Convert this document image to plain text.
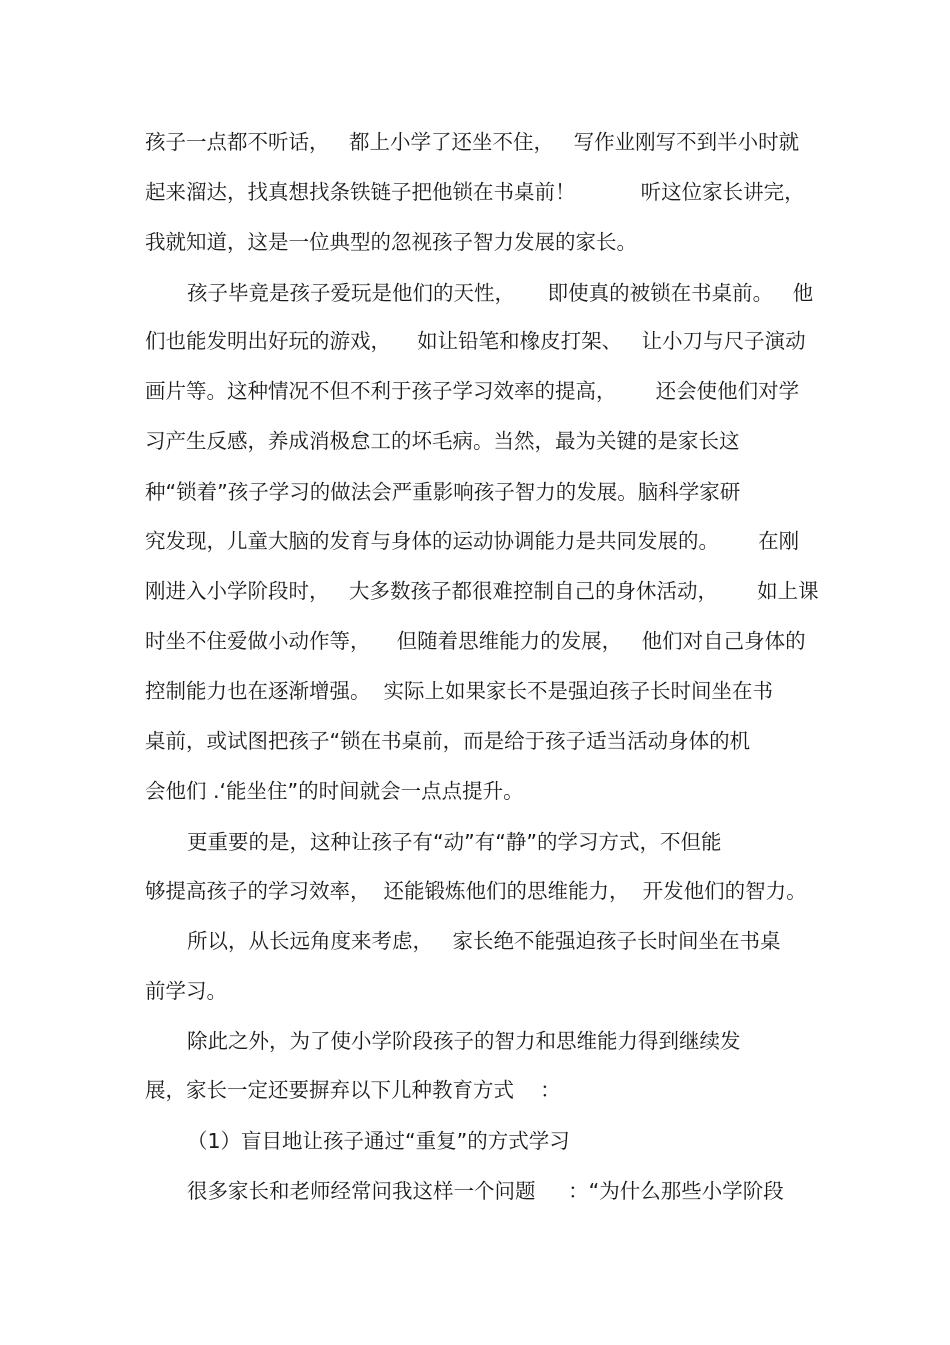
孩子一点都不听话，   都上小学了还坐不住，   写作业刚写不到半小时就
起来溜达，找真想找条铁链子把他锁在书桌前！          听这位家长讲完，
我就知道，这是一位典型的忽视孩子智力发展的家长。
孩子毕竟是孩子爱玩是他们的天性，     即使真的被锁在书桌前。   他
们也能发明出好玩的游戏，    如让铅笔和橡皮打架、   让小刀与尺子演动
画片等。这种情况不但不利于孩子学习效率的提高，      还会使他们对学
习产生反感，养成消极怠工的坏毛病。当然，最为关键的是家长这
种“锁着”孩子学习的做法会严重影响孩子智力的发展。脑科学家研
究发现，儿童大脑的发育与身体的运动协调能力是共同发展的。      在刚
刚进入小学阶段时，   大多数孩子都很难控制自己的身休活动，      如上课
时坐不住爱做小动作等，    但随着思维能力的发展，   他们对自己身体的
控制能力也在逐渐增强。  实际上如果家长不是强迫孩子长时间坐在书
桌前，或试图把孩子“锁在书桌前，而是给于孩子适当活动身体的机
会他们 .‘能坐住”的时间就会一点点提升。
更重要的是，这种让孩子有“动”有“静”的学习方式，不但能
够提高孩子的学习效率，  还能锻炼他们的思维能力，  开发他们的智力。
所以，从长远角度来考虑，   家长绝不能强迫孩子长时间坐在书桌
前学习。
除此之外，为了使小学阶段孩子的智力和思维能力得到继续发
展，家长一定还要摒弃以下儿种教育方式    ：
（1）盲目地让孩子通过“重复”的方式学习
很多家长和老师经常问我这样一个问题     ：“为什么那些小学阶段
